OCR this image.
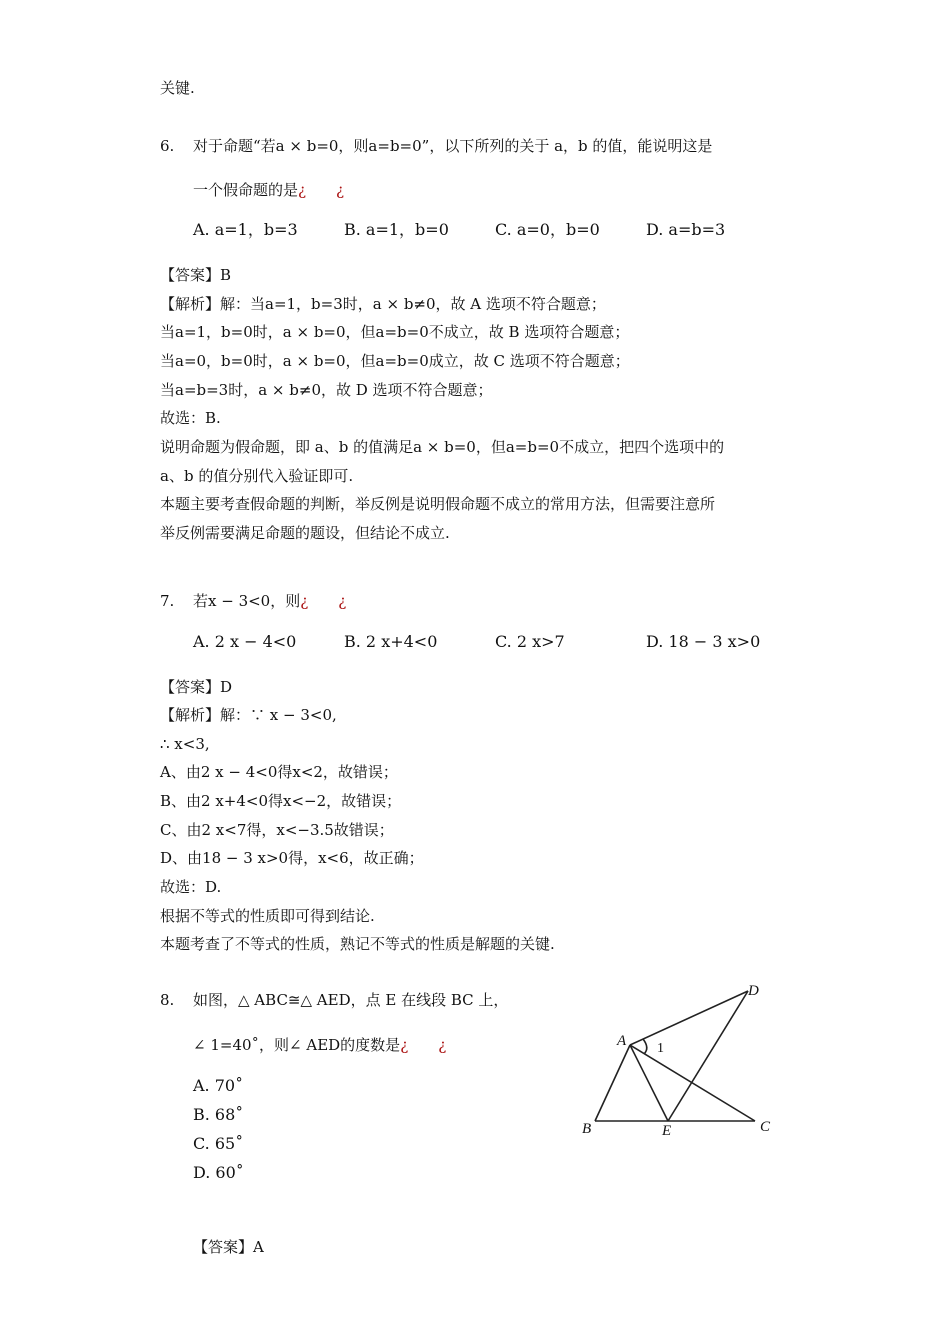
关键.
6. 对于命题“若a × b=0，则a=b=0”，以下所列的关于 a，b 的值，能说明这是
一个假命题的是¿　　¿
A. a=1，b=3	B. a=1，b=0	C. a=0，b=0	D. a=b=3
【答案】B
【解析】解：当a=1，b=3时，a × b≠0，故 A 选项不符合题意；
当a=1，b=0时，a × b=0，但a=b=0不成立，故 B 选项符合题意；
当a=0，b=0时，a × b=0，但a=b=0成立，故 C 选项不符合题意；
当a=b=3时，a × b≠0，故 D 选项不符合题意；
故选：B.
说明命题为假命题，即 a、b 的值满足a × b=0，但a=b=0不成立，把四个选项中的
a、b 的值分别代入验证即可.
本题主要考查假命题的判断，举反例是说明假命题不成立的常用方法，但需要注意所
举反例需要满足命题的题设，但结论不成立.
7. 若x − 3<0，则¿　　¿
A. 2 x − 4<0	B. 2 x+4<0	C. 2 x>7	D. 18 − 3 x>0
【答案】D
【解析】解：∵ x − 3<0,
∴ x<3,
A、由2 x − 4<0得x<2，故错误；
B、由2 x+4<0得x<−2，故错误；
C、由2 x<7得，x<−3.5故错误；
D、由18 − 3 x>0得，x<6，故正确；
故选：D.
根据不等式的性质即可得到结论.
本题考查了不等式的性质，熟记不等式的性质是解题的关键.
8. 如图，△ ABC≅△ AED，点 E 在线段 BC 上，
∠ 1=40˚，则∠ AED的度数是¿　　¿
A. 70˚
B. 68˚
C. 65˚
D. 60˚
A
B	C
D
E
1
【答案】A
